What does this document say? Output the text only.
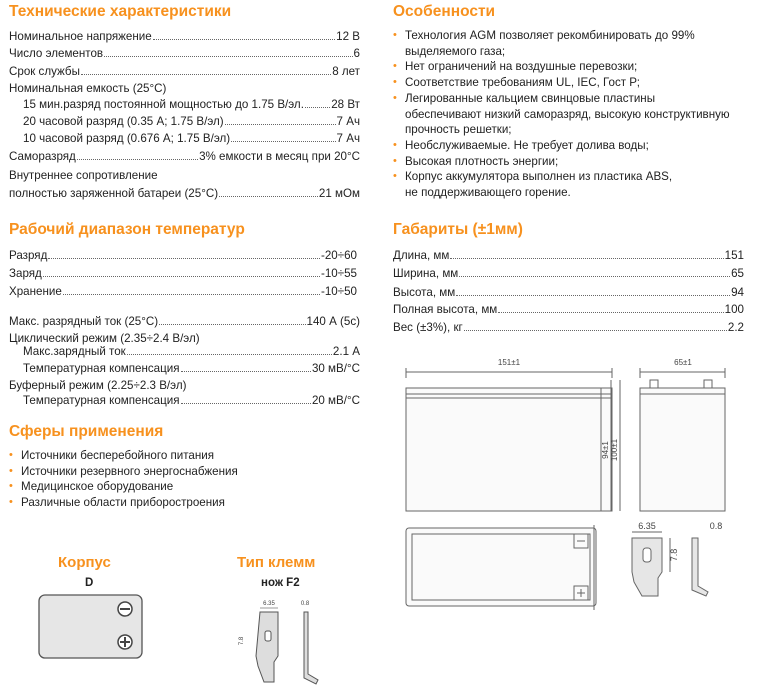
Технические характеристики
Номинальное напряжение	12 В
Число элементов	6
Срок службы	8 лет
Номинальная емкость (25°C)
15 мин.разряд постоянной мощностью до 1.75 В/эл. 28 Вт
20 часовой разряд (0.35 А; 1.75 В/эл)	7 Ач
10 часовой разряд (0.676 А; 1.75 В/эл)	7 Ач
Саморазряд	3% емкости в месяц при 20°C
Внутреннее сопротивление
полностью заряженной батареи (25°C)	21 мОм
Рабочий диапазон температур
Разряд	-20÷60
Заряд	-10÷55
Хранение	-10÷50
Макс. разрядный ток (25°C)	140 А (5с)
Циклический режим (2.35÷2.4 В/эл)
Макс.зарядный ток	2.1 А
Температурная компенсация	30 мВ/°C
Буферный режим (2.25÷2.3 В/эл)
Температурная компенсация	20 мВ/°C
Сферы применения
• Источники бесперебойного питания
• Источники резервного энергоснабжения
• Медицинское оборудование
• Различные области приборостроения
Корпус
D
Тип клемм
нож F2
6.35	0.8
7.8
Особенности
• Технология AGM позволяет рекомбинировать до 99%
выделяемого газа;
• Нет ограничений на воздушные перевозки;
• Соответствие требованиям UL, IEC, Гост Р;
• Легированные кальцием свинцовые пластины
обеспечивают низкий саморазряд, высокую конструктивную
прочность решетки;
• Необслуживаемые. Не требует долива воды;
• Высокая плотность энергии;
• Корпус аккумулятора выполнен из пластика ABS,
не поддерживающего горение.
Габариты (±1мм)
Длина, мм	151
Ширина, мм	65
Высота, мм	94
Полная высота, мм	100
Вес (±3%), кг	2.2
151±1	65±1
94±1 100±1
6.35	0.8
7.8
